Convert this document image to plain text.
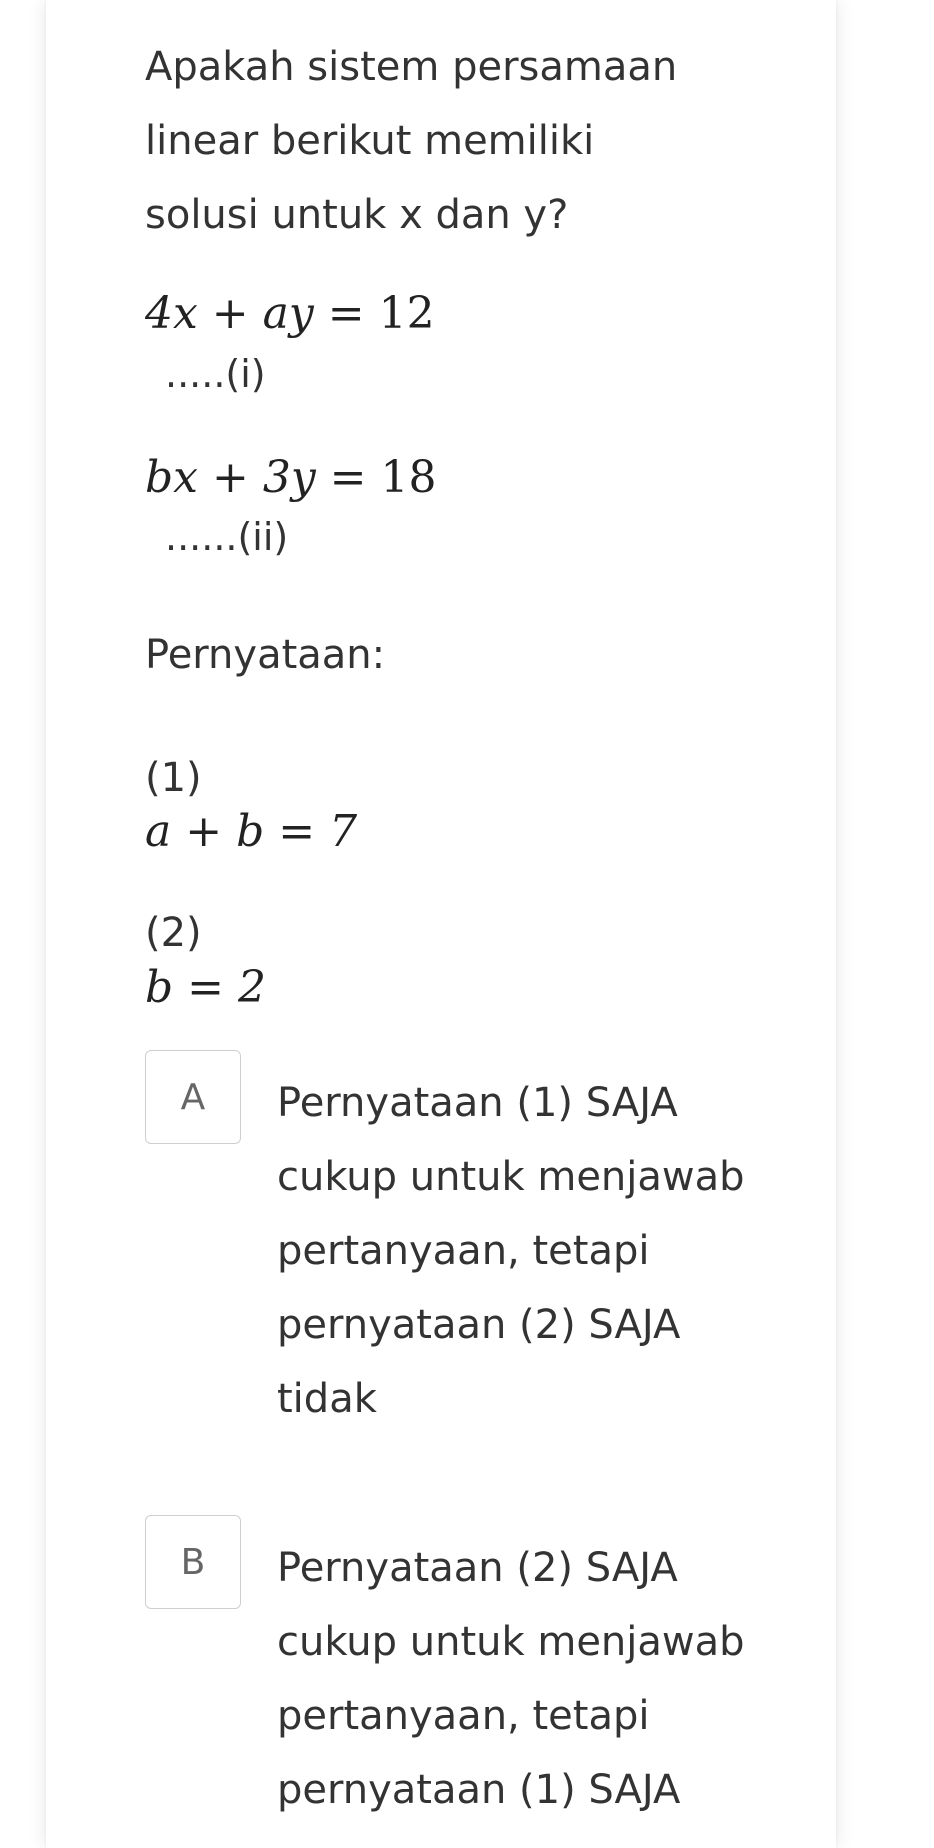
Apakah sistem persamaan linear berikut memiliki solusi untuk x dan y?
4x + ay = 12
.....(i)
bx + 3y = 18
......(ii)
Pernyataan:
(1)
a + b = 7
(2)
b = 2
A	Pernyataan (1) SAJA cukup untuk menjawab pertanyaan, tetapi pernyataan (2) SAJA tidak
B	Pernyataan (2) SAJA cukup untuk menjawab pertanyaan, tetapi pernyataan (1) SAJA
